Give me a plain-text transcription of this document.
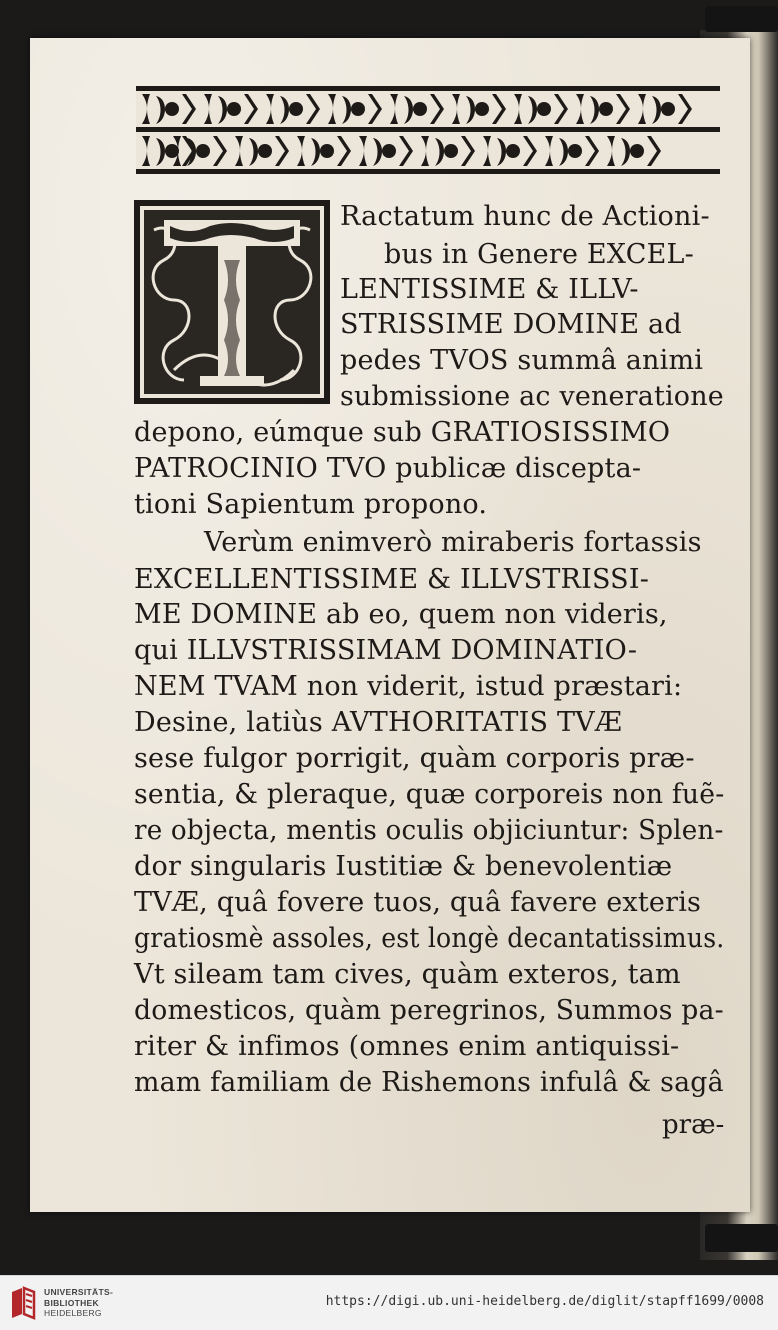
Ractatum hunc de Actioni-
bus in Genere EXCEL-
LENTISSIME & ILLV-
STRISSIME DOMINE ad
pedes TVOS summâ animi
submissione ac veneratione
depono, eúmque sub GRATIOSISSIMO
PATROCINIO TVO publicæ discepta-
tioni Sapientum propono.
Verùm enimverò miraberis fortassis
EXCELLENTISSIME & ILLVSTRISSI-
ME DOMINE ab eo, quem non videris,
qui ILLVSTRISSIMAM DOMINATIO-
NEM TVAM non viderit, istud præstari:
Desine, latiùs AVTHORITATIS TVÆ
sese fulgor porrigit, quàm corporis præ-
sentia, & pleraque, quæ corporeis non fuẽ-
re objecta, mentis oculis objiciuntur: Splen-
dor singularis Iustitiæ & benevolentiæ
TVÆ, quâ fovere tuos, quâ favere exteris
gratiosmè assoles, est longè decantatissimus.
Vt sileam tam cives, quàm exteros, tam
domesticos, quàm peregrinos, Summos pa-
riter & infimos (omnes enim antiquissi-
mam familiam de Rishemons infulâ & sagâ
præ-
UNIVERSITÄTS-
BIBLIOTHEK
HEIDELBERG
https://digi.ub.uni-heidelberg.de/diglit/stapff1699/0008
